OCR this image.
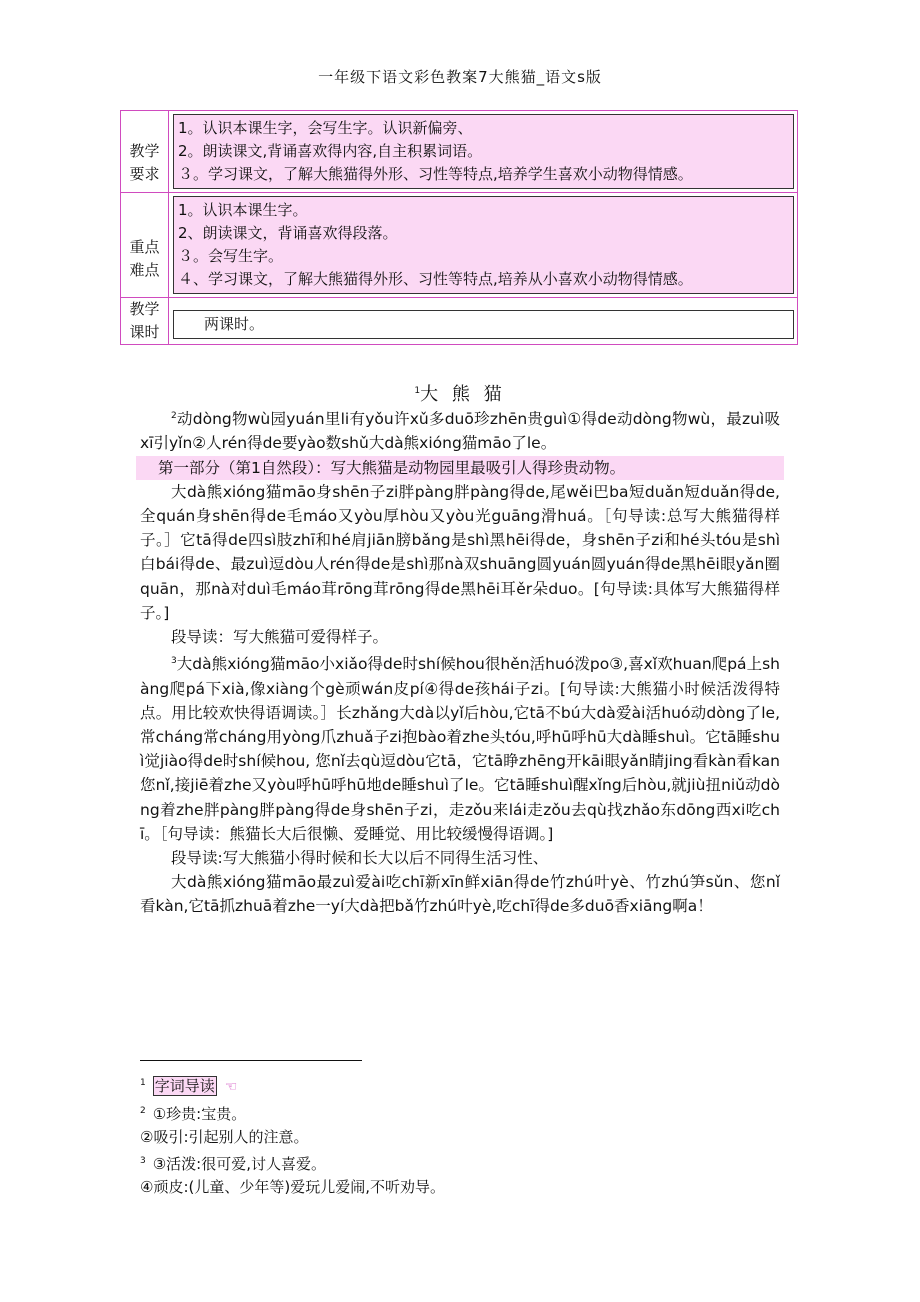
一年级下语文彩色教案7大熊猫_语文s版
教学
要求
1。认识本课生字，会写生字。认识新偏旁、
2。朗读课文,背诵喜欢得内容,自主积累词语。
３。学习课文，了解大熊猫得外形、习性等特点,培养学生喜欢小动物得情感。
重点
难点
1。认识本课生字。
2、朗读课文，背诵喜欢得段落。
３。会写生字。
４、学习课文，了解大熊猫得外形、习性等特点,培养从小喜欢小动物得情感。
教学
课时	两课时。
$^1$大 熊 猫

$^2$动dòng物wù园yuán里li有yǒu许xǔ多duō珍zhēn贵guì①得de动dòng物wù，最zuì吸xī引yǐn②人rén得de要yào数shǔ大dà熊xióng猫māo了le。

第一部分（第1自然段）：写大熊猫是动物园里最吸引人得珍贵动物。

大dà熊xióng猫māo身shēn子zi胖pàng胖pàng得de,尾wěi巴ba短duǎn短duǎn得de,全quán身shēn得de毛máo又yòu厚hòu又yòu光guāng滑huá。［句导读:总写大熊猫得样子。］它tā得de四sì肢zhī和hé肩jiān膀bǎng是shì黑hēi得de，身shēn子zi和hé头tóu是shì白bái得de、最zuì逗dòu人rén得de是shì那nà双shuāng圆yuán圆yuán得de黑hēi眼yǎn圈quān，那nà对duì毛máo茸rōng茸rōng得de黑hēi耳ěr朵duo。[句导读:具体写大熊猫得样子。]

段导读：写大熊猫可爱得样子。

$^3$大dà熊xióng猫māo小xiǎo得de时shí候hou很hěn活huó泼po③,喜xǐ欢huan爬pá上shàng爬pá下xià,像xiàng个gè顽wán皮pí④得de孩hái子zi。[句导读:大熊猫小时候活泼得特点。用比较欢快得语调读。］长zhǎng大dà以yǐ后hòu,它tā不bú大dà爱ài活huó动dòng了le,常cháng常cháng用yòng爪zhuǎ子zi抱bào着zhe头tóu,呼hū呼hū大dà睡shuì。它tā睡shuì觉jiào得de时shí候hou, 您nǐ去qù逗dòu它tā，它tā睁zhēng开kāi眼yǎn睛jing看kàn看kan您nǐ,接jiē着zhe又yòu呼hū呼hū地de睡shuì了le。它tā睡shuì醒xǐng后hòu,就jiù扭niǔ动dòng着zhe胖pàng胖pàng得de身shēn子zi，走zǒu来lái走zǒu去qù找zhǎo东dōng西xi吃chī。［句导读：熊猫长大后很懒、爱睡觉、用比较缓慢得语调。]

段导读:写大熊猫小得时候和长大以后不同得生活习性、

大dà熊xióng猫māo最zuì爱ài吃chī新xīn鲜xiān得de竹zhú叶yè、竹zhú笋sǔn、您nǐ看kàn,它tā抓zhuā着zhe一yí大dà把bǎ竹zhú叶yè,吃chī得de多duō香xiāng啊a！

$^1$ 字词导读 ☜
$^2$ ①珍贵:宝贵。
②吸引:引起别人的注意。
$^3$ ③活泼:很可爱,讨人喜爱。
④顽皮:(儿童、少年等)爱玩儿爱闹,不听劝导。
